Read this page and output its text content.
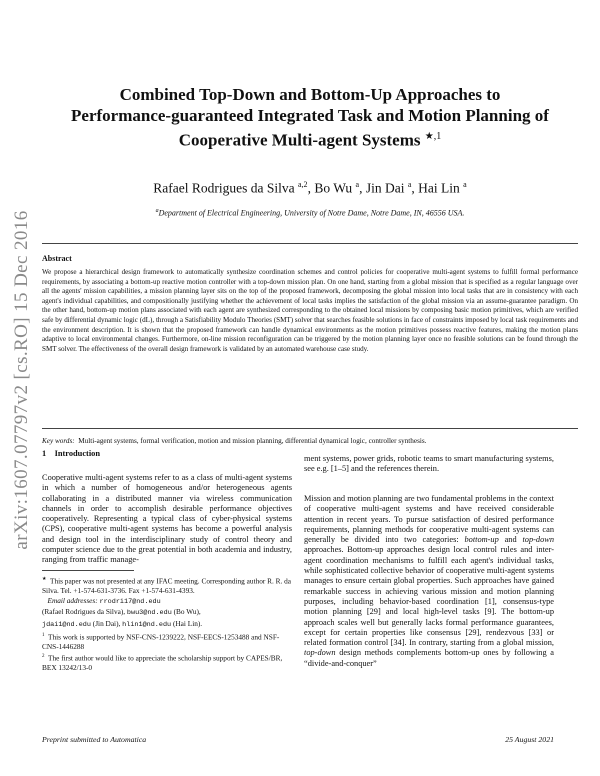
arXiv:1607.07797v2 [cs.RO] 15 Dec 2016
Combined Top-Down and Bottom-Up Approaches to
Performance-guaranteed Integrated Task and Motion Planning of
Cooperative Multi-agent Systems $^{★,1}$
Rafael Rodrigues da Silva $^{a,2}$, Bo Wu $^a$, Jin Dai $^a$, Hai Lin $^a$
$^a$Department of Electrical Engineering, University of Notre Dame, Notre Dame, IN, 46556 USA.
Abstract
We propose a hierarchical design framework to automatically synthesize coordination schemes and control policies for cooperative multi-agent systems to fulfill formal performance requirements, by associating a bottom-up reactive motion controller with a top-down mission plan. On one hand, starting from a global mission that is specified as a regular language over all the agents' mission capabilities, a mission planning layer sits on the top of the proposed framework, decomposing the global mission into local tasks that are in consistency with each agent's individual capabilities, and compositionally justifying whether the achievement of local tasks implies the satisfaction of the global mission via an assume-guarantee paradigm. On the other hand, bottom-up motion plans associated with each agent are synthesized corresponding to the obtained local missions by composing basic motion primitives, which are verified safe by differential dynamic logic (dL), through a Satisfiability Modulo Theories (SMT) solver that searches feasible solutions in face of constraints imposed by local task requirements and the environment description. It is shown that the proposed framework can handle dynamical environments as the motion primitives possess reactive features, making the motion plans adaptive to local environmental changes. Furthermore, on-line mission reconfiguration can be triggered by the motion planning layer once no feasible solutions can be found through the SMT solver. The effectiveness of the overall design framework is validated by an automated warehouse case study.
Key words: Multi-agent systems, formal verification, motion and mission planning, differential dynamical logic, controller synthesis.
1 Introduction

Cooperative multi-agent systems refer to as a class of multi-agent systems in which a number of homogeneous and/or heterogeneous agents collaborating in a distributed manner via wireless communication channels in order to accomplish desirable performance objectives cooperatively. Representing a typical class of cyber-physical systems (CPS), cooperative multi-agent systems has become a powerful analysis and design tool in the interdisciplinary study of control theory and computer science due to the great potential in both academia and industry, ranging from traffic manage-

ment systems, power grids, robotic teams to smart manufacturing systems, see e.g. [1–5] and the references therein.

Mission and motion planning are two fundamental problems in the context of cooperative multi-agent systems and have received considerable attention in recent years. To pursue satisfaction of desired performance requirements, planning methods for cooperative multi-agent systems can generally be divided into two categories: bottom-up and top-down approaches. Bottom-up approaches design local control rules and inter-agent coordination mechanisms to fulfill each agent's individual tasks, while sophisticated collective behavior of cooperative multi-agent systems manages to ensure certain global properties. Such approaches have gained remarkable success in achieving various mission and motion planning purposes, including behavior-based coordination [1], consensus-type motion planning [29] and local high-level tasks [9]. The bottom-up approach scales well but generally lacks formal performance guarantees, except for certain properties like consensus [29], rendezvous [33] or related formation control [34]. In contrary, starting from a global mission, top-down design methods complements bottom-up ones by following a “divide-and-conquer”

★ This paper was not presented at any IFAC meeting. Corresponding author R. R. da Silva. Tel. +1-574-631-3736. Fax +1-574-631-4393.

Email addresses: rrodri17@nd.edu
(Rafael Rodrigues da Silva), bwu3@nd.edu (Bo Wu),
jdai1@nd.edu (Jin Dai), hlin1@nd.edu (Hai Lin).

$^1$ This work is supported by NSF-CNS-1239222, NSF-EECS-1253488 and NSF-CNS-1446288

$^2$ The first author would like to appreciate the scholarship support by CAPES/BR, BEX 13242/13-0

Preprint submitted to Automatica	25 August 2021
